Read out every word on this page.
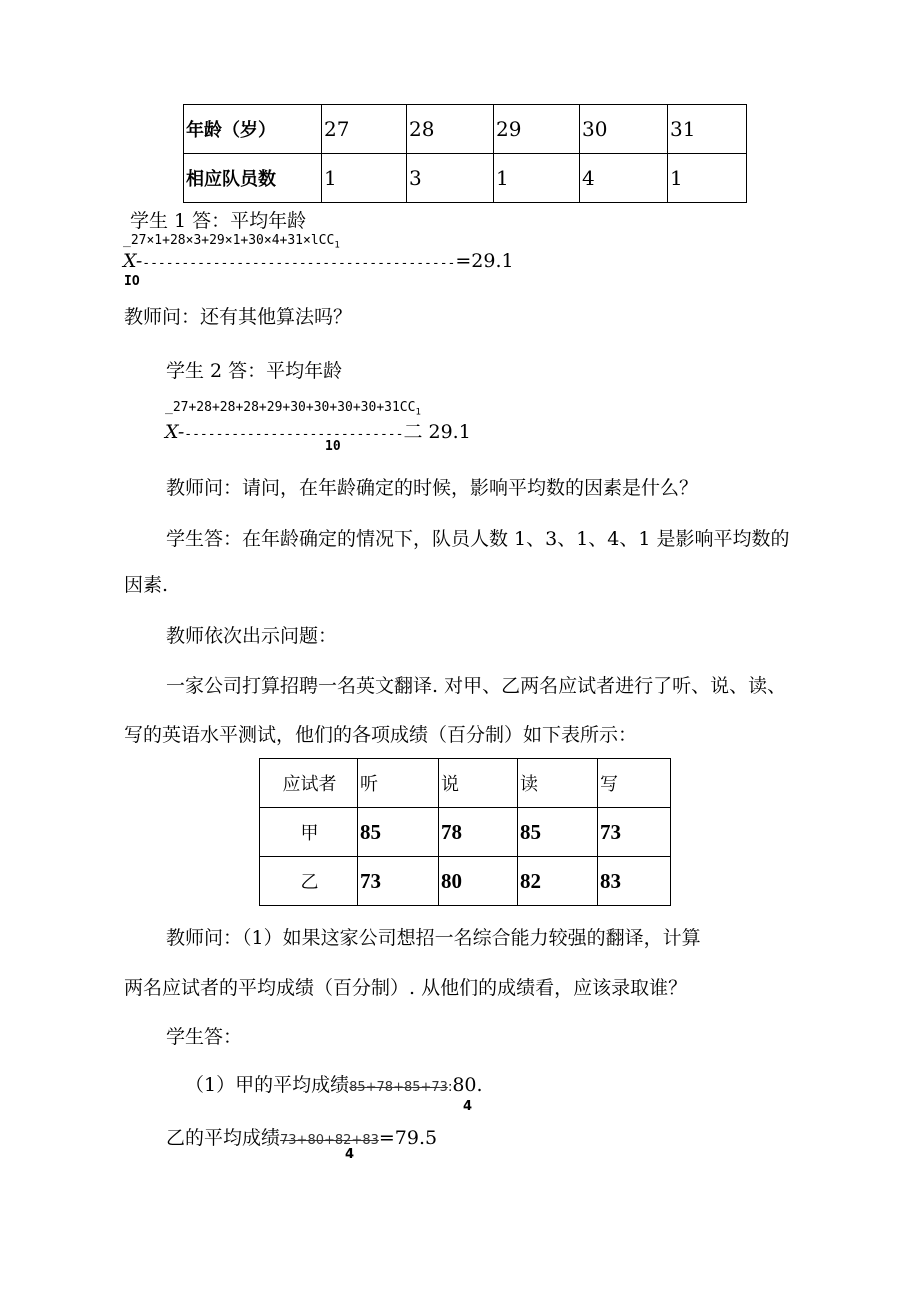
年龄（岁）	27	28	29	30	31
相应队员数	1	3	1	4	1
学生 1 答：平均年龄
_27×1+28×3+29×1+30×4+31×lCC$_1$
X-----------------------------------------=29.1
IO
教师问：还有其他算法吗？
学生 2 答：平均年龄
$\_27+28+28+28+29+30+30+30+30+31CC_1$
X-----------------------------二 29.1
10
教师问：请问，在年龄确定的时候，影响平均数的因素是什么？
学生答：在年龄确定的情况下，队员人数 1、3、1、4、1 是影响平均数的
因素.
教师依次出示问题：
一家公司打算招聘一名英文翻译. 对甲、乙两名应试者进行了听、说、读、
写的英语水平测试，他们的各项成绩（百分制）如下表所示：
应试者	听	说	读	写
甲	85	78	85	73
乙	73	80	82	83
教师问：（1）如果这家公司想招一名综合能力较强的翻译，计算
两名应试者的平均成绩（百分制）. 从他们的成绩看，应该录取谁？
学生答：
（1）甲的平均成绩85+78+85+73:80.
4
乙的平均成绩73+80+82+83=79.5
4
